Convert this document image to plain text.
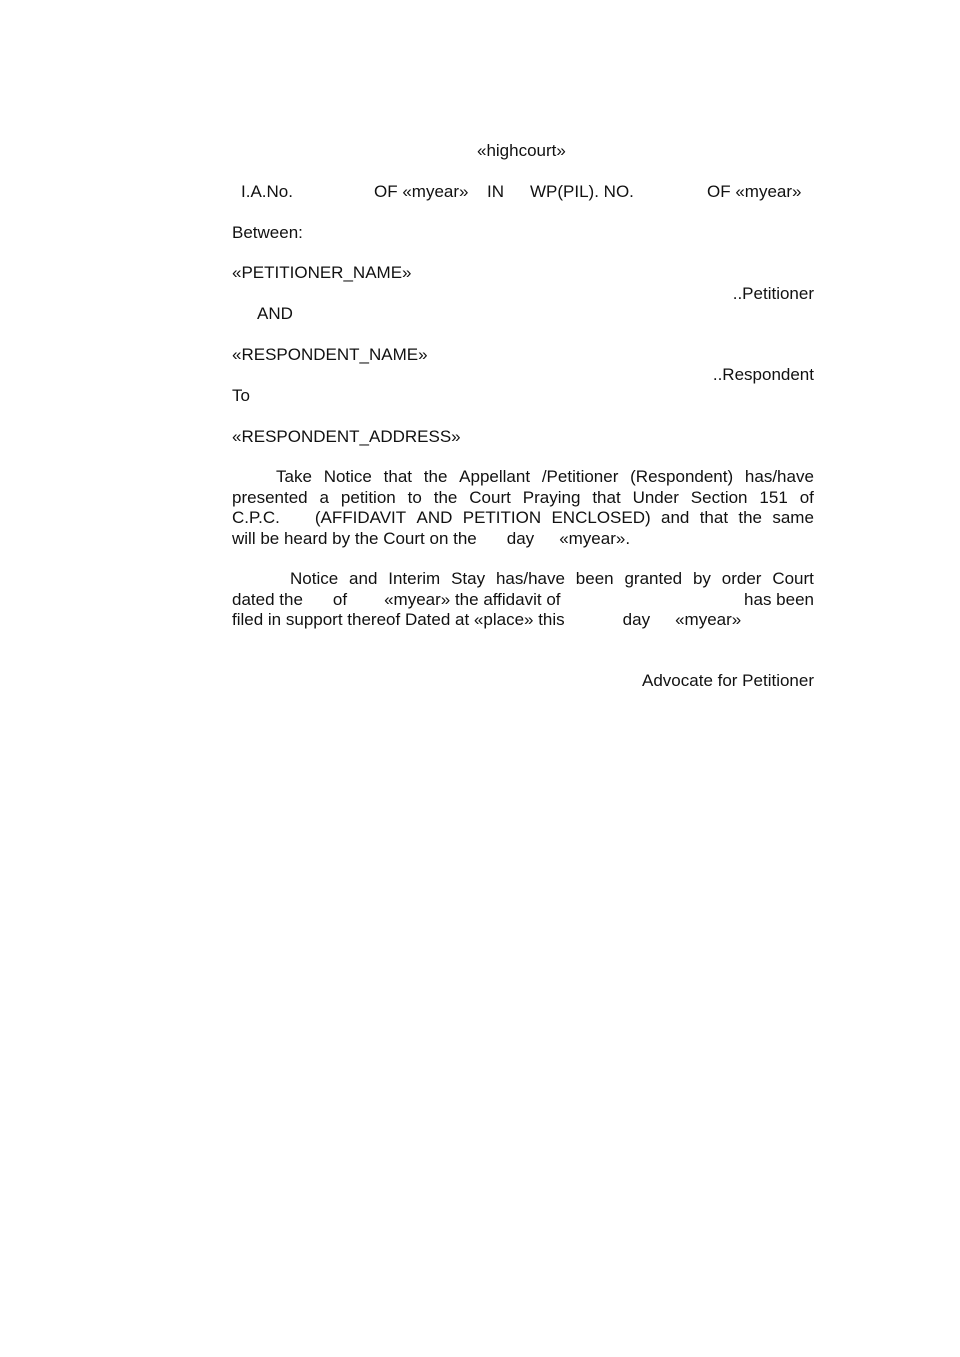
«highcourt»
I.A.No.	OF «myear» IN WP(PIL). NO.	OF «myear»
Between:
«PETITIONER_NAME»
..Petitioner
AND
«RESPONDENT_NAME»
..Respondent
To
«RESPONDENT_ADDRESS»
Take Notice that the Appellant /Petitioner (Respondent) has/have
presented a petition to the Court Praying that Under Section 151 of
C.P.C. (AFFIDAVIT AND PETITION ENCLOSED) and that the same
will be heard by the Court on the day «myear».
Notice and Interim Stay has/have been granted by order Court
dated the of «myear» the affidavit of	has been
filed in support thereof Dated at «place» this	day «myear»
Advocate for Petitioner
